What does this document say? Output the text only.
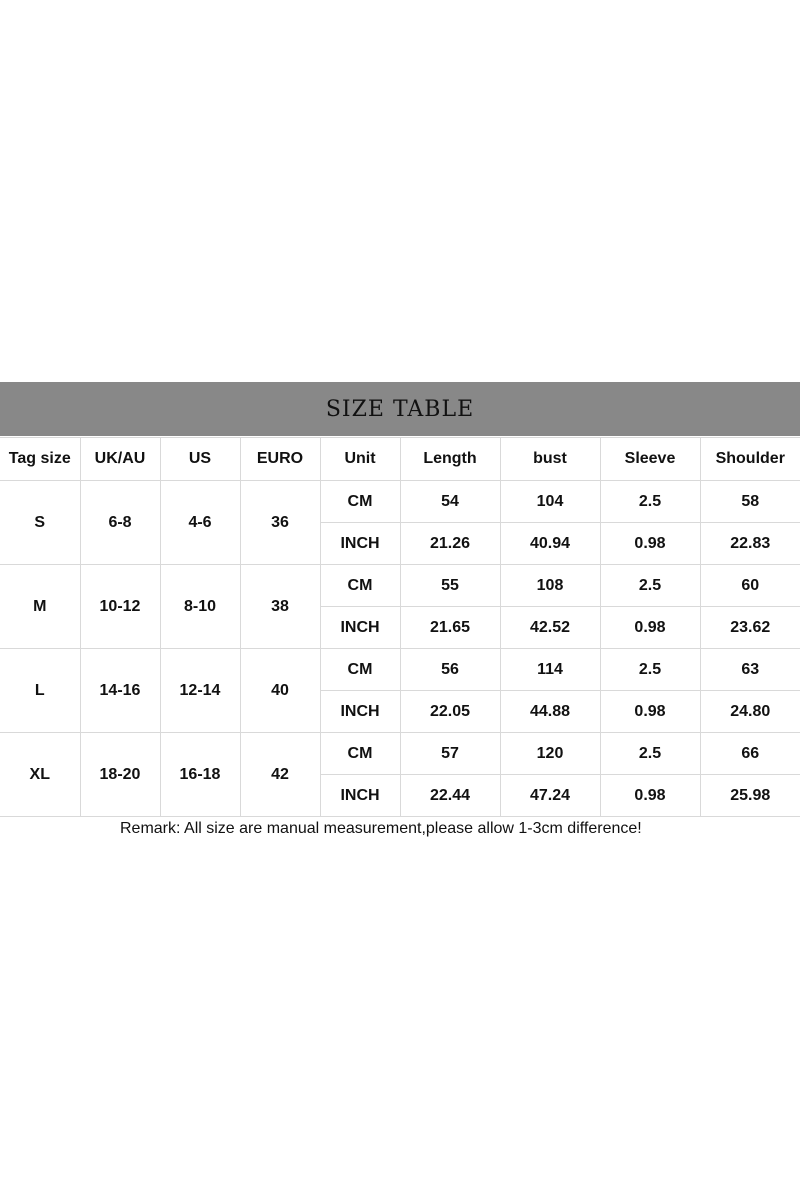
SIZE TABLE
Tag size	UK/AU	US	EURO	Unit	Length	bust	Sleeve	Shoulder
S	6-8	4-6	36	CM	54	104	2.5	58
				INCH	21.26	40.94	0.98	22.83
M	10-12	8-10	38	CM	55	108	2.5	60
				INCH	21.65	42.52	0.98	23.62
L	14-16	12-14	40	CM	56	114	2.5	63
				INCH	22.05	44.88	0.98	24.80
XL	18-20	16-18	42	CM	57	120	2.5	66
				INCH	22.44	47.24	0.98	25.98
Remark: All size are manual measurement,please allow 1-3cm difference!
